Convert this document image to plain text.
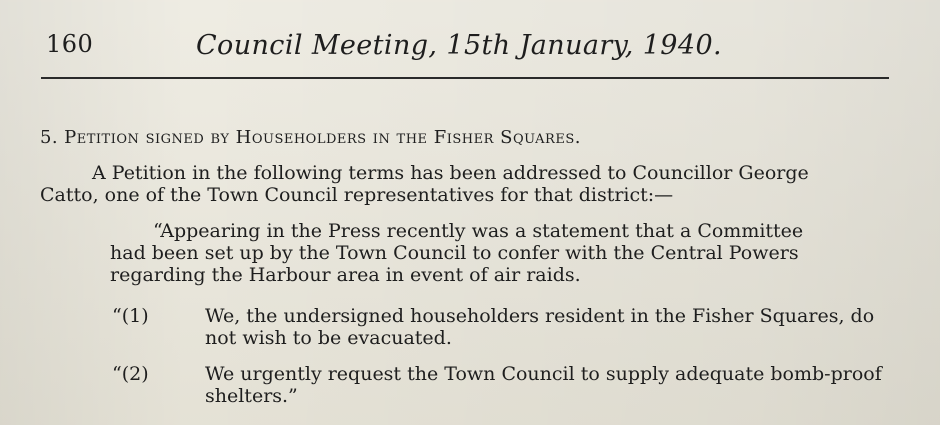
160	Council Meeting, 15th January, 1940.
5. Petition signed by Householders in the Fisher Squares.
A Petition in the following terms has been addressed to Councillor George
Catto, one of the Town Council representatives for that district:—
“Appearing in the Press recently was a statement that a Committee
had been set up by the Town Council to confer with the Central Powers
regarding the Harbour area in event of air raids.
“(1)	We, the undersigned householders resident in the Fisher Squares, do
not wish to be evacuated.
“(2)	We urgently request the Town Council to supply adequate bomb-proof
shelters.”
